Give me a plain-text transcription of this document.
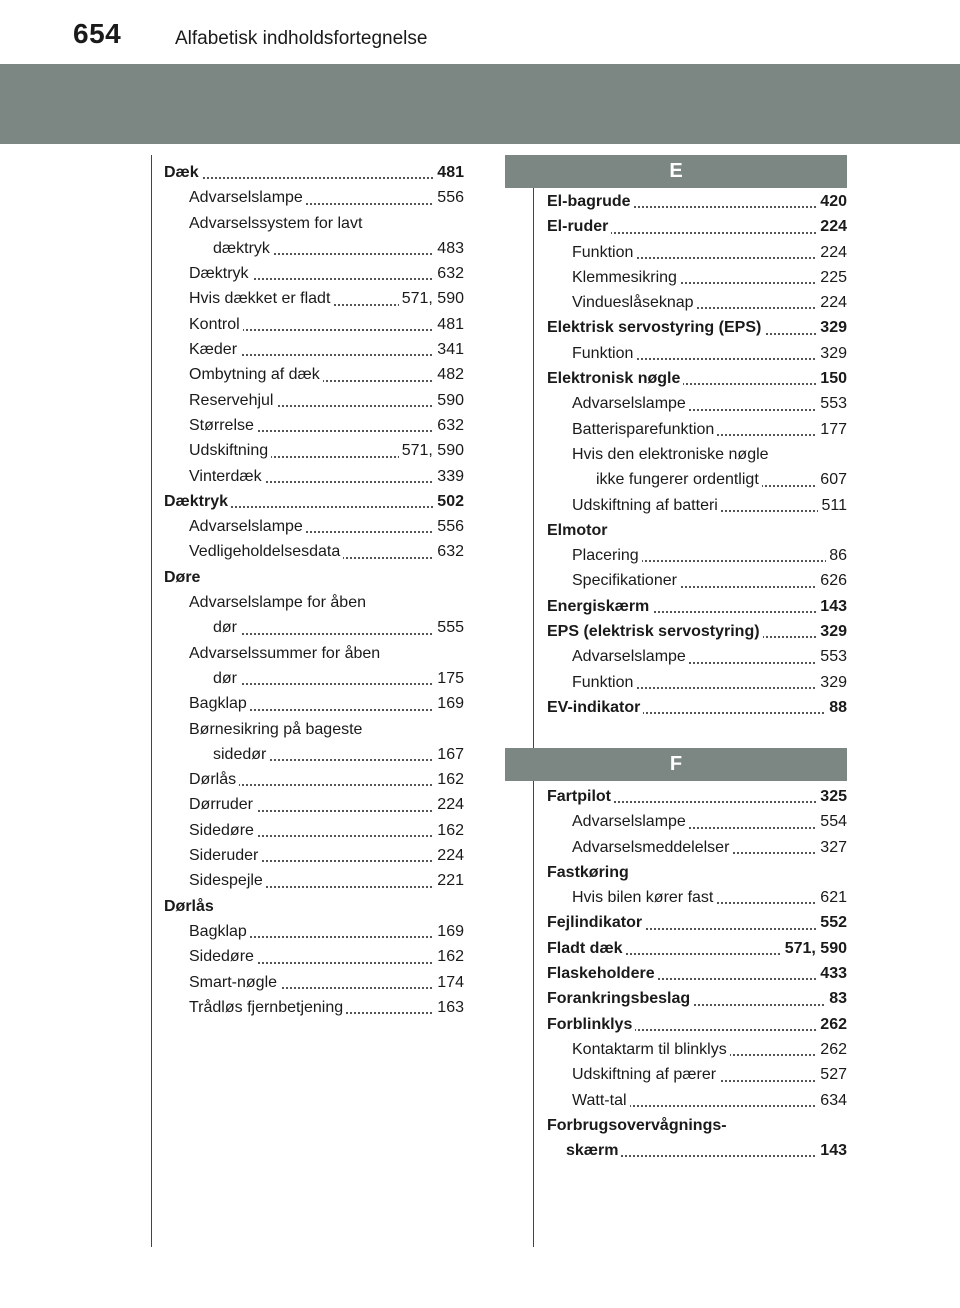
654	Alfabetisk indholdsfortegnelse
Dæk	481
Advarselslampe	556
Advarselssystem for lavt
dæktryk	483
Dæktryk	632
Hvis dækket er fladt	571, 590
Kontrol	481
Kæder	341
Ombytning af dæk	482
Reservehjul	590
Størrelse	632
Udskiftning	571, 590
Vinterdæk	339
Dæktryk	502
Advarselslampe	556
Vedligeholdelsesdata	632
Døre
Advarselslampe for åben
dør	555
Advarselssummer for åben
dør	175
Bagklap	169
Børnesikring på bageste
sidedør	167
Dørlås	162
Dørruder	224
Sidedøre	162
Sideruder	224
Sidespejle	221
Dørlås
Bagklap	169
Sidedøre	162
Smart-nøgle	174
Trådløs fjernbetjening	163
E
El-bagrude	420
El-ruder	224
Funktion	224
Klemmesikring	225
Vindueslåseknap	224
Elektrisk servostyring (EPS)	329
Funktion	329
Elektronisk nøgle	150
Advarselslampe	553
Batterisparefunktion	177
Hvis den elektroniske nøgle
ikke fungerer ordentligt	607
Udskiftning af batteri	511
Elmotor
Placering	86
Specifikationer	626
Energiskærm	143
EPS (elektrisk servostyring)	329
Advarselslampe	553
Funktion	329
EV-indikator	88
F
Fartpilot	325
Advarselslampe	554
Advarselsmeddelelser	327
Fastkøring
Hvis bilen kører fast	621
Fejlindikator	552
Fladt dæk	571, 590
Flaskeholdere	433
Forankringsbeslag	83
Forblinklys	262
Kontaktarm til blinklys	262
Udskiftning af pærer	527
Watt-tal	634
Forbrugsovervågnings-
skærm	143
